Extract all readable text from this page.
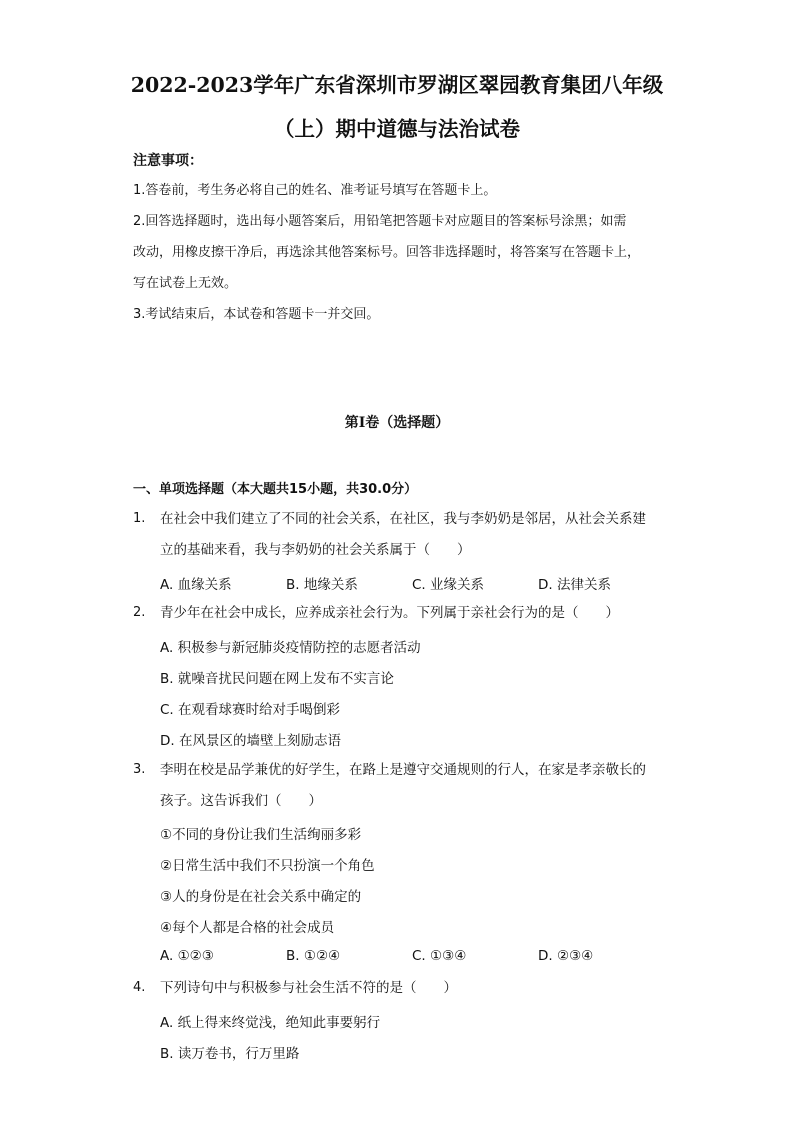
2022-2023学年广东省深圳市罗湖区翠园教育集团八年级
（上）期中道德与法治试卷
注意事项：
1.答卷前，考生务必将自己的姓名、准考证号填写在答题卡上。
2.回答选择题时，选出每小题答案后，用铅笔把答题卡对应题目的答案标号涂黑；如需
改动，用橡皮擦干净后，再选涂其他答案标号。回答非选择题时，将答案写在答题卡上，
写在试卷上无效。
3.考试结束后，本试卷和答题卡一并交回。
第I卷（选择题）
一、单项选择题（本大题共15小题，共30.0分）
1. 在社会中我们建立了不同的社会关系，在社区，我与李奶奶是邻居，从社会关系建
立的基础来看，我与李奶奶的社会关系属于（　　）
A. 血缘关系	B. 地缘关系	C. 业缘关系	D. 法律关系
2. 青少年在社会中成长，应养成亲社会行为。下列属于亲社会行为的是（　　）
A. 积极参与新冠肺炎疫情防控的志愿者活动
B. 就噪音扰民问题在网上发布不实言论
C. 在观看球赛时给对手喝倒彩
D. 在风景区的墙壁上刻励志语
3. 李明在校是品学兼优的好学生，在路上是遵守交通规则的行人，在家是孝亲敬长的
孩子。这告诉我们（　　）
①不同的身份让我们生活绚丽多彩
②日常生活中我们不只扮演一个角色
③人的身份是在社会关系中确定的
④每个人都是合格的社会成员
A. ①②③	B. ①②④	C. ①③④	D. ②③④
4. 下列诗句中与积极参与社会生活不符的是（　　）
A. 纸上得来终觉浅，绝知此事要躬行
B. 读万卷书，行万里路
